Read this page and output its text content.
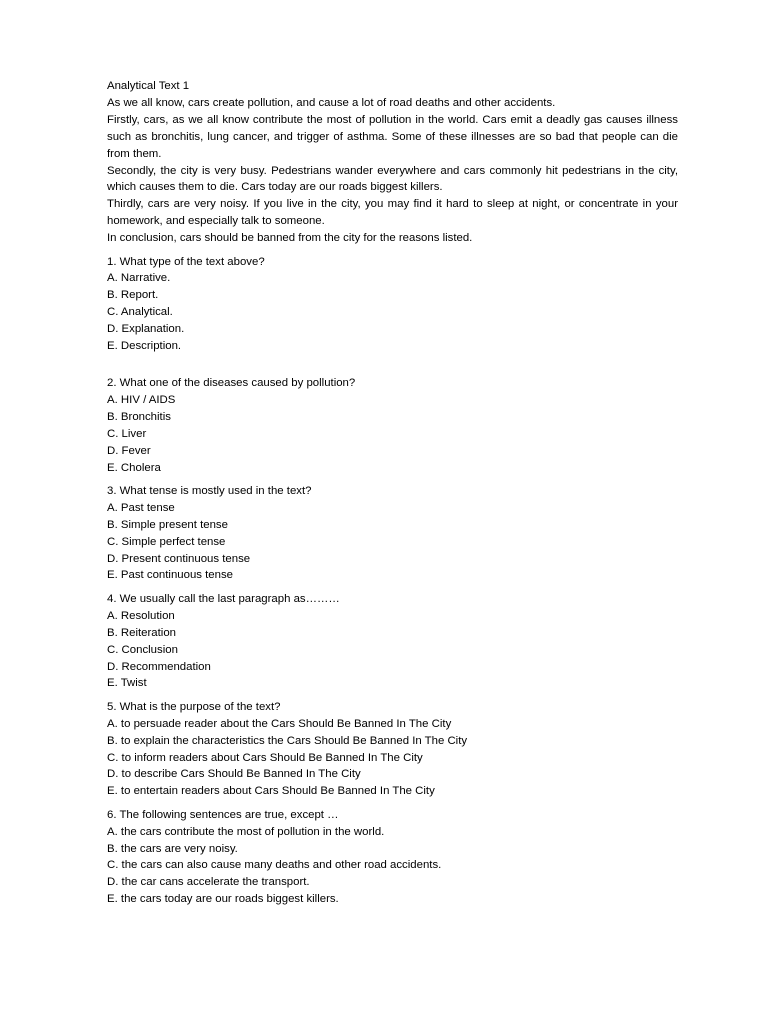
Analytical Text 1

As we all know, cars create pollution, and cause a lot of road deaths and other accidents.

Firstly, cars, as we all know contribute the most of pollution in the world. Cars emit a deadly gas causes illness such as bronchitis, lung cancer, and trigger of asthma. Some of these illnesses are so bad that people can die from them.

Secondly, the city is very busy. Pedestrians wander everywhere and cars commonly hit pedestrians in the city, which causes them to die. Cars today are our roads biggest killers.

Thirdly, cars are very noisy. If you live in the city, you may find it hard to sleep at night, or concentrate in your homework, and especially talk to someone.

In conclusion, cars should be banned from the city for the reasons listed.

1. What type of the text above?
A. Narrative.
B. Report.
C. Analytical.
D. Explanation.
E. Description.
2. What one of the diseases caused by pollution?
A. HIV / AIDS
B. Bronchitis
C. Liver
D. Fever
E. Cholera
3. What tense is mostly used in the text?
A. Past tense
B. Simple present tense
C. Simple perfect tense
D. Present continuous tense
E. Past continuous tense
4. We usually call the last paragraph as………
A. Resolution
B. Reiteration
C. Conclusion
D. Recommendation
E. Twist
5. What is the purpose of the text?
A. to persuade reader about the Cars Should Be Banned In The City
B. to explain the characteristics the Cars Should Be Banned In The City
C. to inform readers about Cars Should Be Banned In The City
D. to describe Cars Should Be Banned In The City
E. to entertain readers about Cars Should Be Banned In The City
6. The following sentences are true, except …
A. the cars contribute the most of pollution in the world.
B. the cars are very noisy.
C. the cars can also cause many deaths and other road accidents.
D. the car cans accelerate the transport.
E. the cars today are our roads biggest killers.
